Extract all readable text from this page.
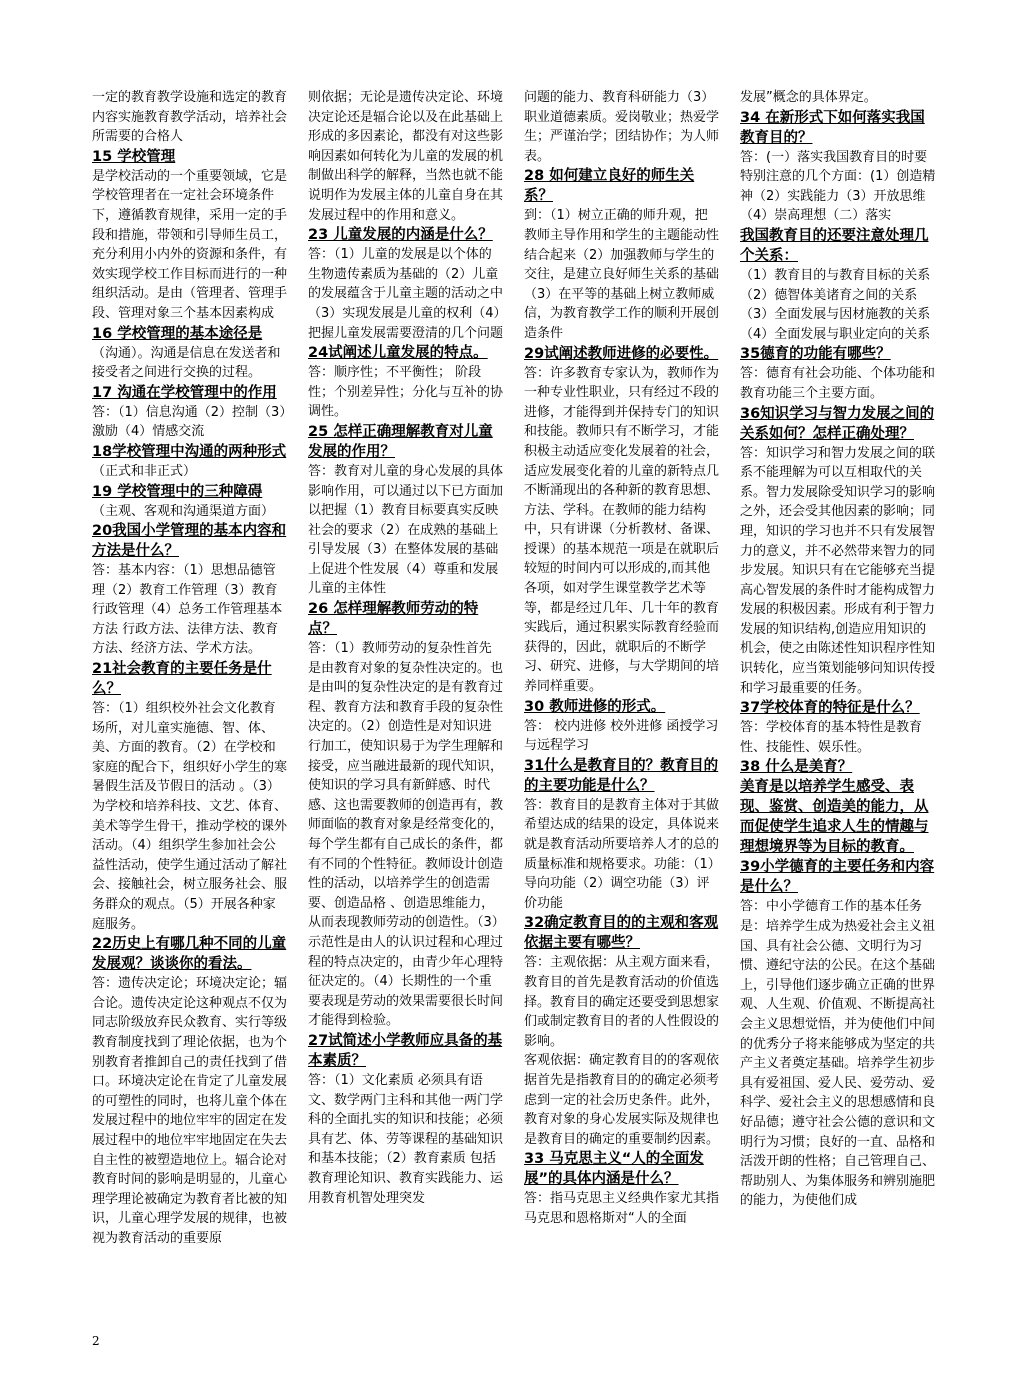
一定的教育教学设施和选定的教育内容实施教育教学活动，培养社会所需要的合格人

15 学校管理

是学校活动的一个重要领域，它是学校管理者在一定社会环境条件下，遵循教育规律，采用一定的手段和措施，带领和引导师生员工，充分利用小内外的资源和条件，有效实现学校工作目标而进行的一种组织活动。是由（管理者、管理手段、管理对象三个基本因素构成

16 学校管理的基本途径是

（沟通）。沟通是信息在发送者和接受者之间进行交换的过程。

17 沟通在学校管理中的作用

答：（1）信息沟通（2）控制（3）激励（4）情感交流

18学校管理中沟通的两种形式

（正式和非正式）

19 学校管理中的三种障碍

（主观、客观和沟通渠道方面）

20我国小学管理的基本内容和方法是什么？

答：基本内容：（1）思想品德管理（2）教育工作管理（3）教育行政管理（4）总务工作管理基本方法 行政方法、法律方法、教育方法、经济方法、学术方法。

21社会教育的主要任务是什么？

答：（1）组织校外社会文化教育场所，对儿童实施德、智、体、美、方面的教育。（2）在学校和家庭的配合下，组织好小学生的寒暑假生活及节假日的活动 。（3）为学校和培养科技、文艺、体育、美术等学生骨干，推动学校的课外活动。（4）组织学生参加社会公益性活动，使学生通过活动了解社会、接触社会，树立服务社会、服务群众的观点。（5）开展各种家庭服务。

22历史上有哪几种不同的儿童发展观？谈谈你的看法。

答：遗传决定论；环境决定论；辐合论。遗传决定论这种观点不仅为同志阶级放弃民众教育、实行等级教育制度找到了理论依据，也为个别教育者推卸自己的责任找到了借口。环境决定论在肯定了儿童发展的可塑性的同时，也将儿童个体在发展过程中的地位牢牢的固定在发展过程中的地位牢牢地固定在失去自主性的被塑造地位上。辐合论对教育时间的影响是明显的，儿童心理学理论被确定为教育者比被的知识，儿童心理学发展的规律，也被视为教育活动的重要原

则依据；无论是遗传决定论、环境决定论还是辐合论以及在此基础上形成的多因素论，都没有对这些影响因素如何转化为儿童的发展的机制做出科学的解释，当然也就不能说明作为发展主体的儿童自身在其发展过程中的作用和意义。

23 儿童发展的内涵是什么？

答：（1）儿童的发展是以个体的生物遗传素质为基础的（2）儿童的发展蕴含于儿童主题的活动之中（3）实现发展是儿童的权利（4）把握儿童发展需要澄清的几个问题

24试阐述儿童发展的特点。

答：顺序性；不平衡性； 阶段性；个别差异性；分化与互补的协调性。

25 怎样正确理解教育对儿童发展的作用？

答：教育对儿童的身心发展的具体影响作用，可以通过以下已方面加以把握（1）教育目标要真实反映社会的要求（2）在成熟的基础上引导发展（3）在整体发展的基础上促进个性发展（4）尊重和发展儿童的主体性

26 怎样理解教师劳动的特点？

答：（1）教师劳动的复杂性首先是由教育对象的复杂性决定的。也是由叫的复杂性决定的是有教育过程、教育方法和教育手段的复杂性决定的。（2）创造性是对知识进行加工，使知识易于为学生理解和接受，应当融进最新的现代知识，使知识的学习具有新鲜感、时代感、这也需要教师的创造再有，教师面临的教育对象是经常变化的，每个学生都有自己成长的条件，都有不同的个性特征。教师设计创造性的活动，以培养学生的创造需要、创造品格 、创造思维能力，从而表现教师劳动的创造性。（3）示范性是由人的认识过程和心理过程的特点决定的，由青少年心理特征决定的。（4）长期性的一个重要表现是劳动的效果需要很长时间才能得到检验。

27试简述小学教师应具备的基本素质？

答：（1）文化素质 必须具有语文、数学两门主科和其他一两门学科的全面扎实的知识和技能；必须具有艺、体、劳等课程的基础知识和基本技能；（2）教育素质 包括教育理论知识、教育实践能力、运用教育机智处理突发

问题的能力、教育科研能力（3）职业道德素质。爱岗敬业；热爱学生；严谨治学；团结协作；为人师表。

28 如何建立良好的师生关系？

到：（1）树立正确的师升观，把教师主导作用和学生的主题能动性结合起来（2）加强教师与学生的交往，是建立良好师生关系的基础（3）在平等的基础上树立教师威信，为教育教学工作的顺利开展创造条件

29试阐述教师进修的必要性。

答：许多教育专家认为，教师作为一种专业性职业，只有经过不段的进修，才能得到并保持专门的知识和技能。教师只有不断学习，才能积极主动适应变化发展着的社会，适应发展变化着的儿童的新特点几不断涌现出的各种新的教育思想、方法、学科。在教师的能力结构中，只有讲课（分析教材、备课、授课）的基本规范一项是在就职后较短的时间内可以形成的,而其他各项，如对学生课堂教学艺术等等，都是经过几年、几十年的教育实践后，通过积累实际教育经验而获得的，因此，就职后的不断学习、研究、进修，与大学期间的培养同样重要。

30 教师进修的形式。

答： 校内进修 校外进修 函授学习与远程学习

31什么是教育目的？教育目的的主要功能是什么？

答：教育目的是教育主体对于其做希望达成的结果的设定，具体说来就是教育活动所要培养人才的总的质量标准和规格要求。功能：（1）导向功能（2）调空功能（3）评价功能

32确定教育目的的主观和客观依据主要有哪些？

答：主观依据：从主观方面来看，教育目的首先是教育活动的价值选择。教育目的确定还要受到思想家们或制定教育目的者的人性假设的影响。

客观依据：确定教育目的的客观依据首先是指教育目的的确定必须考虑到一定的社会历史条件。此外，教育对象的身心发展实际及规律也是教育目的确定的重要制约因素。

33 马克思主义“人的全面发展”的具体内涵是什么？

答：指马克思主义经典作家尤其指马克思和恩格斯对“人的全面

发展”概念的具体界定。

34 在新形式下如何落实我国教育目的？

答：(一）落实我国教育目的时要特别注意的几个方面：(1）创造精神（2）实践能力（3）开放思维（4）崇高理想（二）落实

我国教育目的还要注意处理几个关系：

（1）教育目的与教育目标的关系（2）德智体美诸育之间的关系（3）全面发展与因材施教的关系（4）全面发展与职业定向的关系

35德育的功能有哪些？

答：德育有社会功能、个体功能和教育功能三个主要方面。

36知识学习与智力发展之间的关系如何？怎样正确处理？

答：知识学习和智力发展之间的联系不能理解为可以互相取代的关系。智力发展除受知识学习的影响之外，还会受其他因素的影响；同理，知识的学习也并不只有发展智力的意义，并不必然带来智力的同步发展。知识只有在它能够充当提高心智发展的条件时才能构成智力发展的积极因素。形成有利于智力发展的知识结构,创造应用知识的机会，使之由陈述性知识程序性知识转化，应当策划能够问知识传授和学习最重要的任务。

37学校体育的特征是什么？

答：学校体育的基本特性是教育性、技能性、娱乐性。

38 什么是美育？

美育是以培养学生感受、表现、鉴赏、创造美的能力，从而促使学生追求人生的情趣与理想境界等为目标的教育。

39小学德育的主要任务和内容是什么？

答：中小学德育工作的基本任务是：培养学生成为热爱社会主义祖国、具有社会公德、文明行为习惯、遵纪守法的公民。在这个基础上，引导他们逐步确立正确的世界观、人生观、价值观、不断提高社会主义思想觉悟，并为使他们中间的优秀分子将来能够成为坚定的共产主义者奠定基础。培养学生初步具有爱祖国、爱人民、爱劳动、爱科学、爱社会主义的思想感情和良好品德；遵守社会公德的意识和文明行为习惯；良好的一直、品格和活泼开朗的性格；自己管理自己、帮助别人、为集体服务和辨别施肥的能力，为使他们成

2
